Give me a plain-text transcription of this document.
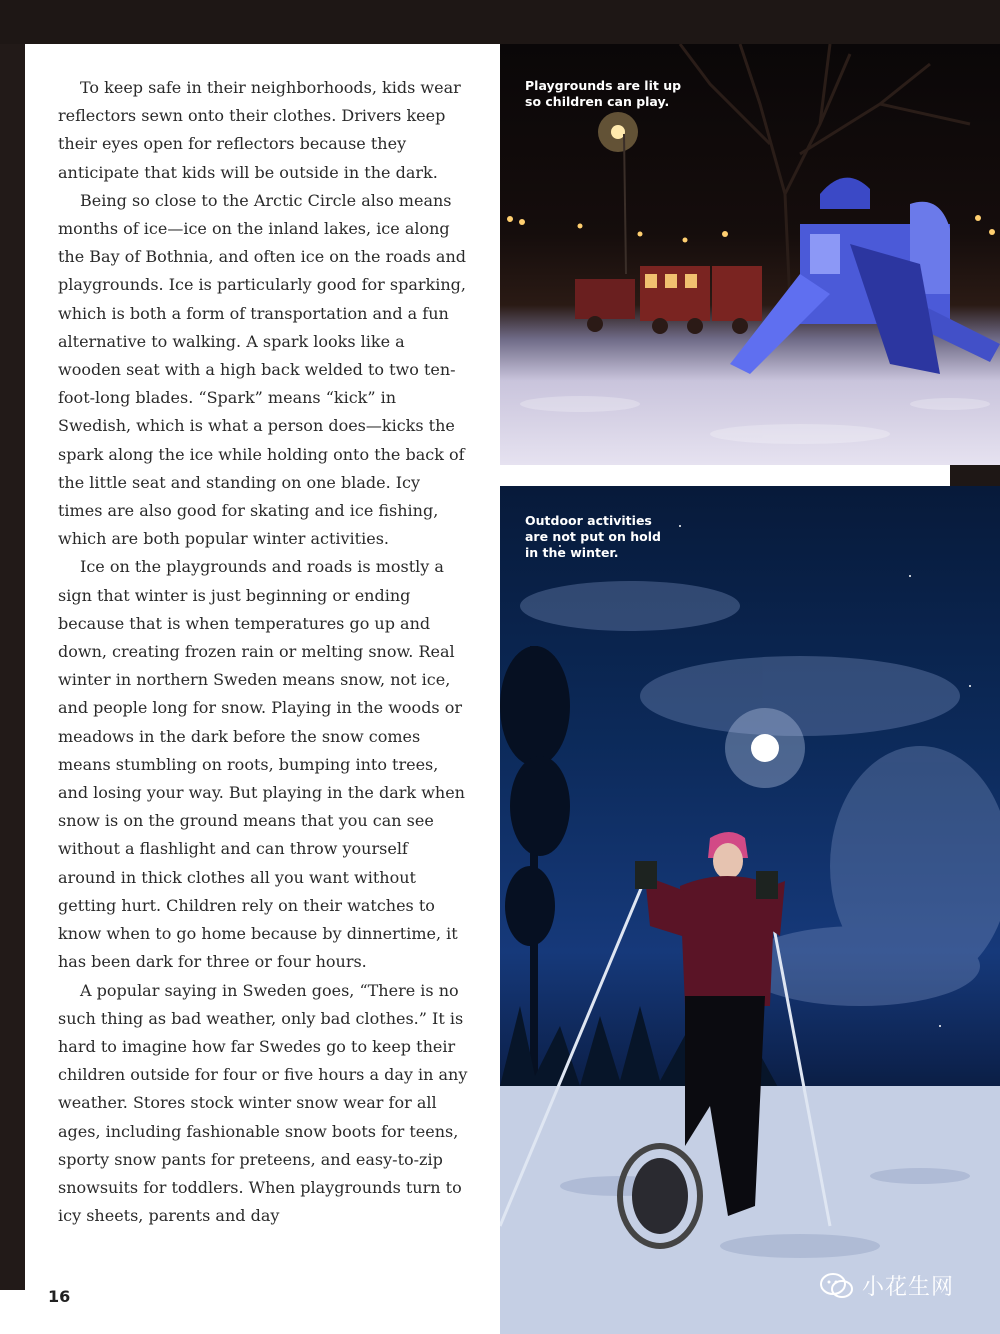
To keep safe in their neighborhoods, kids wear reflectors sewn onto their clothes. Drivers keep their eyes open for reflectors because they anticipate that kids will be outside in the dark.

Being so close to the Arctic Circle also means months of ice—ice on the inland lakes, ice along the Bay of Bothnia, and often ice on the roads and playgrounds. Ice is particularly good for sparking, which is both a form of transportation and a fun alternative to walking. A spark looks like a wooden seat with a high back welded to two ten-foot-long blades. “Spark” means “kick” in Swedish, which is what a person does—kicks the spark along the ice while holding onto the back of the little seat and standing on one blade. Icy times are also good for skating and ice fishing, which are both popular winter activities.

Ice on the playgrounds and roads is mostly a sign that winter is just beginning or ending because that is when temperatures go up and down, creating frozen rain or melting snow. Real winter in northern Sweden means snow, not ice, and people long for snow. Playing in the woods or meadows in the dark before the snow comes means stumbling on roots, bumping into trees, and losing your way. But playing in the dark when snow is on the ground means that you can see without a flashlight and can throw yourself around in thick clothes all you want without getting hurt. Children rely on their watches to know when to go home because by dinnertime, it has been dark for three or four hours.

A popular saying in Sweden goes, “There is no such thing as bad weather, only bad clothes.” It is hard to imagine how far Swedes go to keep their children outside for four or five hours a day in any weather. Stores stock winter snow wear for all ages, including fashionable snow boots for teens, sporty snow pants for preteens, and easy-to-zip snowsuits for toddlers. When playgrounds turn to icy sheets, parents and day

16
Playgrounds are lit up
so children can play.
Outdoor activities
are not put on hold
in the winter.
小花生网
